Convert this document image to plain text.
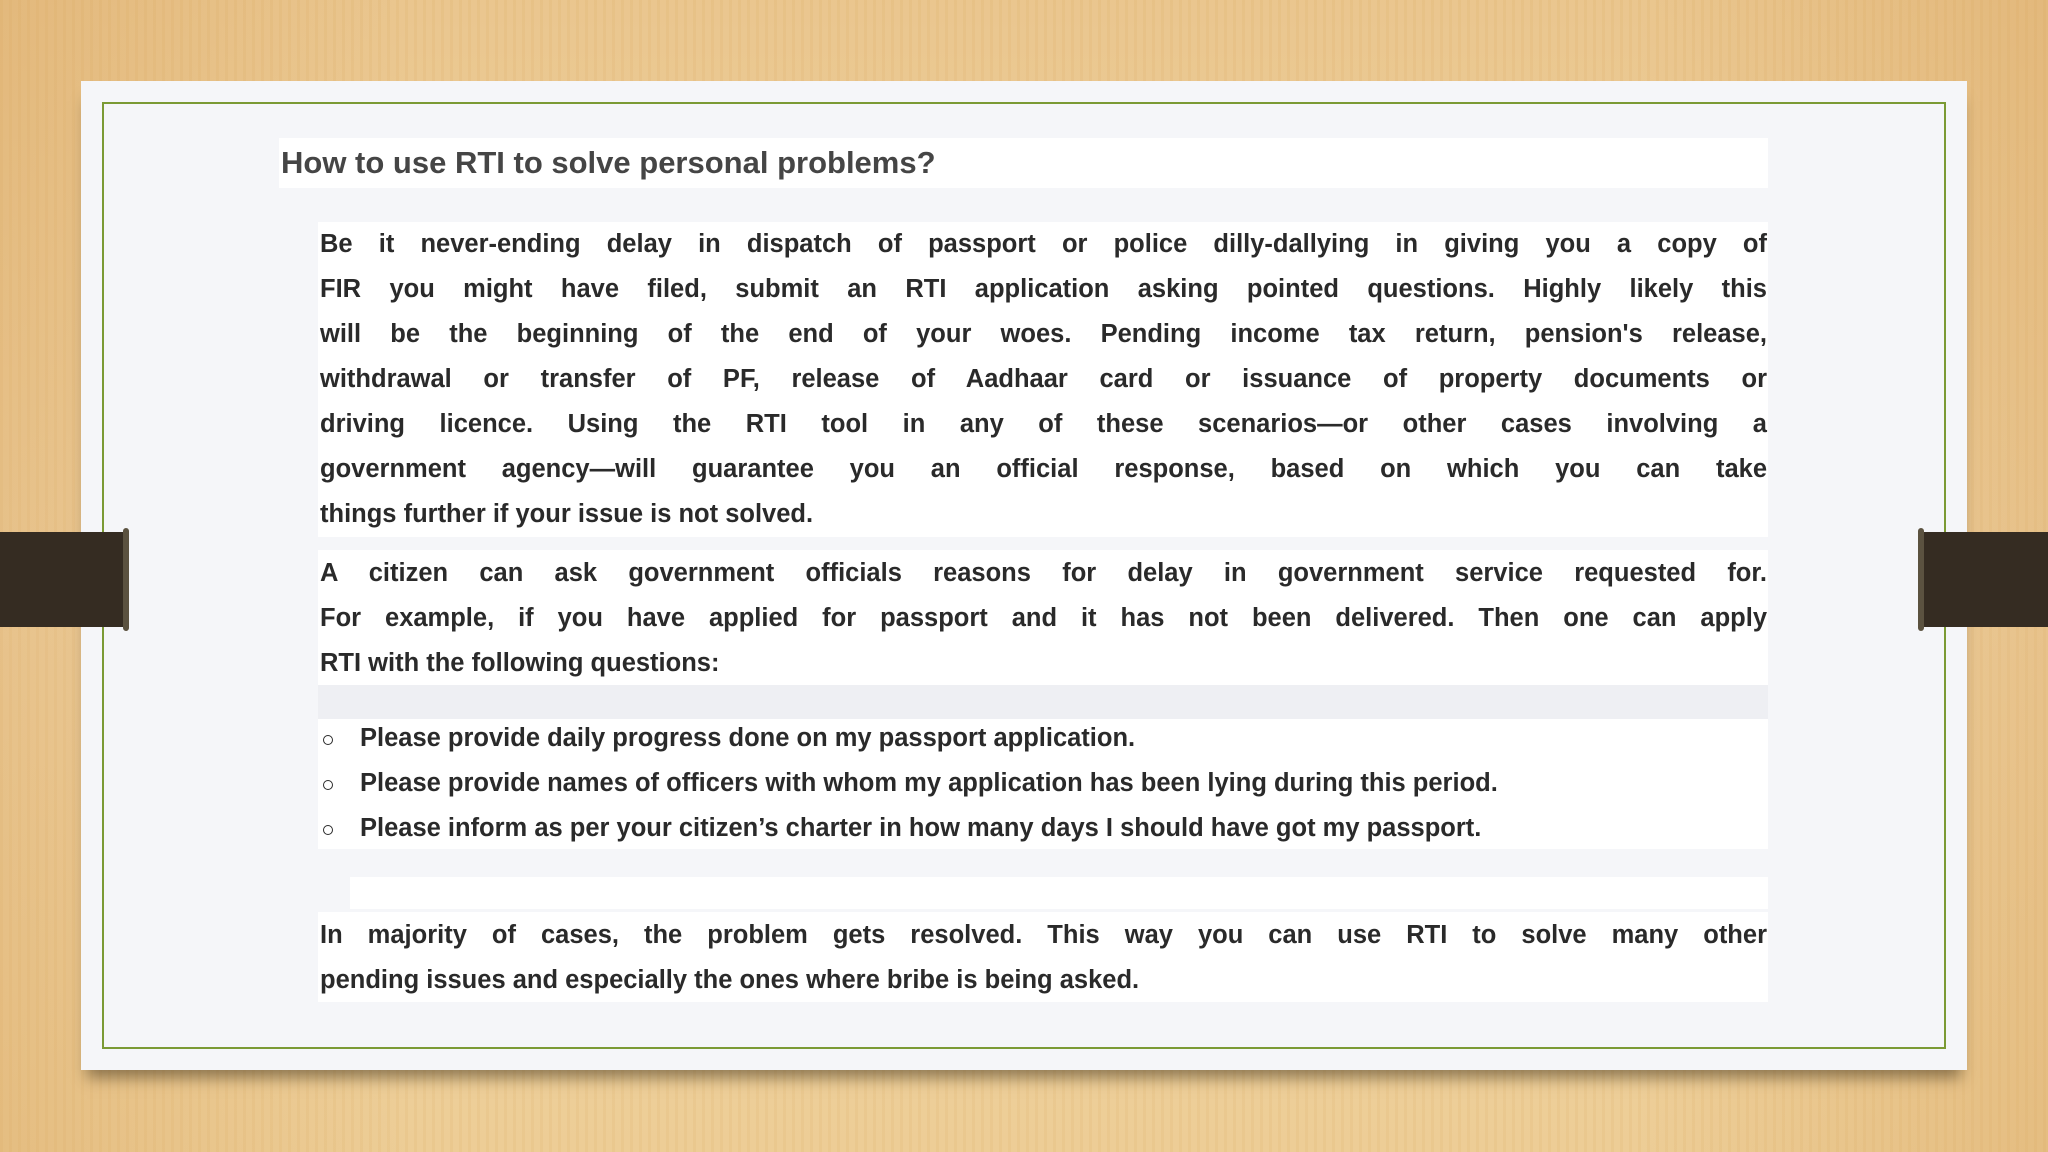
How to use RTI to solve personal problems?
Be it never-ending delay in dispatch of passport or police dilly-dallying in giving you a copy of
FIR you might have filed, submit an RTI application asking pointed questions. Highly likely this
will be the beginning of the end of your woes. Pending income tax return, pension's release,
withdrawal or transfer of PF, release of Aadhaar card or issuance of property documents or
driving licence. Using the RTI tool in any of these scenarios—or other cases involving a
government agency—will guarantee you an official response, based on which you can take
things further if your issue is not solved.
A citizen can ask government officials reasons for delay in government service requested for.
For example, if you have applied for passport and it has not been delivered. Then one can apply
RTI with the following questions:
Please provide daily progress done on my passport application.
Please provide names of officers with whom my application has been lying during this period.
Please inform as per your citizen’s charter in how many days I should have got my passport.
In majority of cases, the problem gets resolved. This way you can use RTI to solve many other
pending issues and especially the ones where bribe is being asked.
